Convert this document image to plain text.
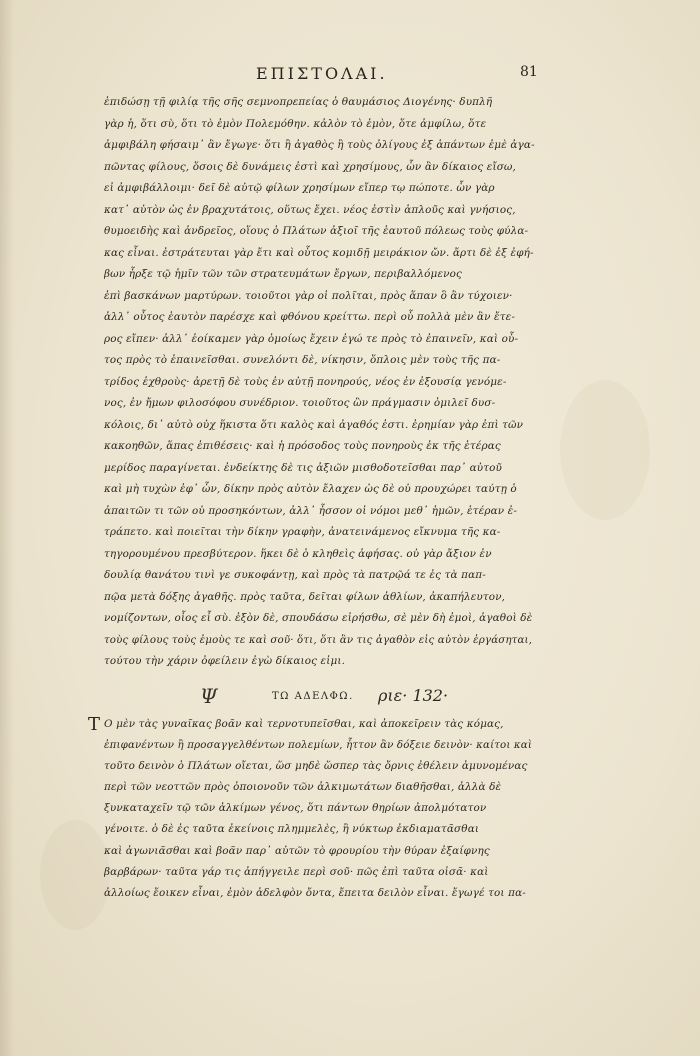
ΕΠΙΣΤΟΛΑΙ.	81
ἐπιδώσῃ τῇ φιλίᾳ τῆς σῆς σεμνοπρεπείας ὁ θαυμάσιος Διογένης· δυπλῆ
γὰρ ἡ, ὅτι σὺ, ὅτι τὸ ἐμὸν Πολεμόθην. κἀλὸν τὸ ἐμὸν, ὅτε ἀμφίλω, ὅτε
ἀμφιβάλη φήσαιμ᾽ ἂν ἔγωγε· ὅτι ἢ ἀγαθὸς ἢ τοὺς ὀλίγους ἐξ ἁπάντων ἐμὲ ἀγα-
πῶντας φίλους, ὅσοις δὲ δυνάμεις ἐστὶ καὶ χρησίμους, ὧν ἂν δίκαιος εἴσω,
εἰ ἀμφιβάλλοιμι· δεῖ δὲ αὐτῷ φίλων χρησίμων εἴπερ τῳ πώποτε. ὧν γὰρ
κατ᾽ αὐτὸν ὡς ἐν βραχυτάτοις, οὕτως ἔχει. νέος ἐστὶν ἁπλοῦς καὶ γνήσιος,
θυμοειδὴς καὶ ἀνδρεῖος, οἵους ὁ Πλάτων ἀξιοῖ τῆς ἑαυτοῦ πόλεως τοὺς φύλα-
κας εἶναι. ἐστράτευται γὰρ ἔτι καὶ οὗτος κομιδῇ μειράκιον ὤν. ἄρτι δὲ ἐξ ἐφή-
βων ἦρξε τῷ ἡμῖν τῶν τῶν στρατευμάτων ἔργων, περιβαλλόμενος
ἐπὶ βασκάνων μαρτύρων. τοιοῦτοι γὰρ οἱ πολῖται, πρὸς ἅπαν ὃ ἂν τύχοιεν·
ἀλλ᾽ οὗτος ἑαυτὸν παρέσχε καὶ φθόνου κρείττω. περὶ οὗ πολλὰ μὲν ἂν ἔτε-
ρος εἴπεν· ἀλλ᾽ ἐοίκαμεν γὰρ ὁμοίως ἔχειν ἐγώ τε πρὸς τὸ ἐπαινεῖν, καὶ οὗ-
τος πρὸς τὸ ἐπαινεῖσθαι. συνελόντι δὲ, νίκησιν, ὅπλοις μὲν τοὺς τῆς πα-
τρίδος ἐχθροὺς· ἀρετῇ δὲ τοὺς ἐν αὐτῇ πονηρούς, νέος ἐν ἐξουσίᾳ γενόμε-
νος, ἐν ἤμων φιλοσόφου συνέδριον. τοιοῦτος ὢν πράγμασιν ὁμιλεῖ δυσ-
κόλοις, δι᾽ αὐτὸ οὐχ ἥκιστα ὅτι καλὸς καὶ ἀγαθός ἐστι. ἐρημίαν γὰρ ἐπὶ τῶν
κακοηθῶν, ἅπας ἐπιθέσεις· καὶ ἡ πρόσοδος τοὺς πονηροὺς ἐκ τῆς ἑτέρας
μερίδος παραγίνεται. ἐνδείκτης δὲ τις ἀξιῶν μισθοδοτεῖσθαι παρ᾽ αὐτοῦ
καὶ μὴ τυχὼν ἐφ᾽ ὧν, δίκην πρὸς αὐτὸν ἔλαχεν ὡς δὲ οὐ προυχώρει ταύτῃ ὁ
ἀπαιτῶν τι τῶν οὐ προσηκόντων, ἀλλ᾽ ἧσσον οἱ νόμοι μεθ᾽ ἡμῶν, ἑτέραν ἐ-
τράπετο. καὶ ποιεῖται τὴν δίκην γραφὴν, ἀνατεινάμενος εἴκνυμα τῆς κα-
τηγορουμένου πρεσβύτερον. ἥκει δὲ ὁ κληθεὶς ἀφήσας. οὐ γὰρ ἄξιον ἐν
δουλίᾳ θανάτου τινὶ γε συκοφάντῃ, καὶ πρὸς τὰ πατρῷά τε ἐς τὰ παπ-
πῷα μετὰ δόξης ἀγαθῆς. πρὸς ταῦτα, δεῖται φίλων ἀθλίων, ἀκαπήλευτον,
νομίζοντων, οἷος εἶ σὺ. ἐξὸν δὲ, σπουδάσω εἰρήσθω, σὲ μὲν δὴ ἐμοὶ, ἀγαθοὶ δὲ
τοὺς φίλους τοὺς ἐμοὺς τε καὶ σοῦ· ὅτι, ὅτι ἂν τις ἀγαθὸν εἰς αὐτὸν ἐργάσηται,
τούτου τὴν χάριν ὀφείλειν ἐγὼ δίκαιος εἰμι.
Ψ	ΤΩ ΑΔΕΛΦΩ. ριε· 132·
Τ Ο μὲν τὰς γυναῖκας βοᾶν καὶ τερνοτυπεῖσθαι, καὶ ἀποκεῖρειν τὰς κόμας,
ἐπιφανέντων ἢ προσαγγελθέντων πολεμίων, ἧττον ἂν δόξειε δεινὸν· καίτοι καὶ
τοῦτο δεινὸν ὁ Πλάτων οἴεται, ὥσ μηδὲ ὥσπερ τὰς ὄρνις ἐθέλειν ἀμυνομένας
περὶ τῶν νεοττῶν πρὸς ὁποιονοῦν τῶν ἀλκιμωτάτων διαθῆσθαι, ἀλλὰ δὲ
ξυνκαταχεῖν τῷ τῶν ἀλκίμων γένος, ὅτι πάντων θηρίων ἀπολμότατον
γένοιτε. ὁ δὲ ἐς ταῦτα ἐκείνοις πλημμελὲς, ἢ νύκτωρ ἐκδιαματᾶσθαι
καὶ ἀγωνιᾶσθαι καὶ βοᾶν παρ᾽ αὐτῶν τὸ φρουρίου τὴν θύραν ἐξαίφνης
βαρβάρων· ταῦτα γάρ τις ἀπήγγειλε περὶ σοῦ· πῶς ἐπὶ ταῦτα οἰσᾶ· καὶ
ἀλλοίως ἔοικεν εἶναι, ἐμὸν ἀδελφὸν ὄντα, ἔπειτα δειλὸν εἶναι. ἔγωγέ τοι πα-
